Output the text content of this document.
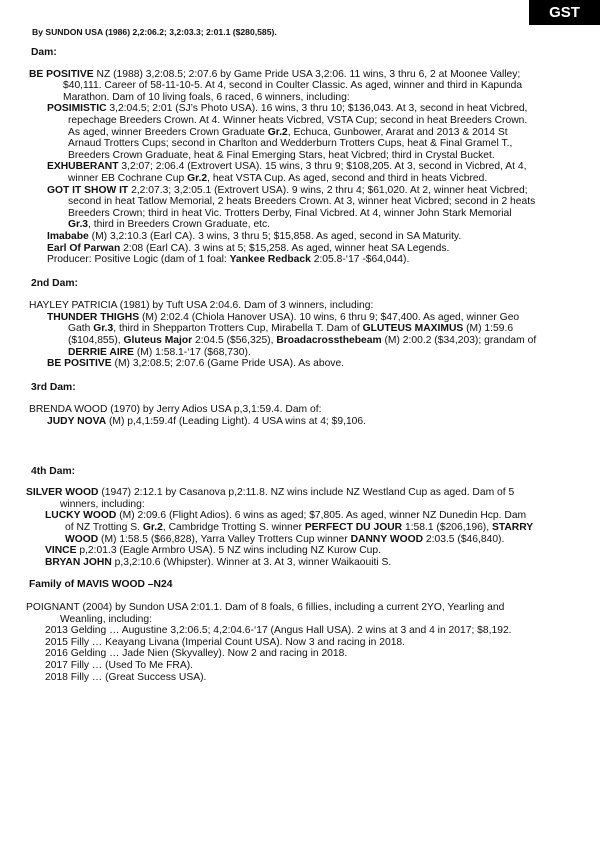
GST
By SUNDON USA (1986) 2,2:06.2; 3,2:03.3; 2:01.1 ($280,585).
Dam:
BE POSITIVE NZ (1988) 3,2:08.5; 2:07.6 by Game Pride USA 3,2:06. 11 wins, 3 thru 6, 2 at Moonee Valley; $40,111. Career of 58-11-10-5. At 4, second in Coulter Classic. As aged, winner and third in Kapunda Marathon. Dam of 10 living foals, 6 raced, 6 winners, including:
POSIMISTIC 3,2:04.5; 2:01 (SJ’s Photo USA). 16 wins, 3 thru 10; $136,043. At 3, second in heat Vicbred, repechage Breeders Crown. At 4. Winner heats Vicbred, VSTA Cup; second in heat Breeders Crown. As aged, winner Breeders Crown Graduate Gr.2, Echuca, Gunbower, Ararat and 2013 & 2014 St Arnaud Trotters Cups; second in Charlton and Wedderburn Trotters Cups, heat & Final Gramel T., Breeders Crown Graduate, heat & Final Emerging Stars, heat Vicbred; third in Crystal Bucket.
EXHUBERANT 3,2:07; 2:06.4 (Extrovert USA). 15 wins, 3 thru 9; $108,205. At 3, second in Vicbred, At 4, winner EB Cochrane Cup Gr.2, heat VSTA Cup. As aged, second and third in heats Vicbred.
GOT IT SHOW IT 2,2:07.3; 3,2:05.1 (Extrovert USA). 9 wins, 2 thru 4; $61,020. At 2, winner heat Vicbred; second in heat Tatlow Memorial, 2 heats Breeders Crown. At 3, winner heat Vicbred; second in 2 heats Breeders Crown; third in heat Vic. Trotters Derby, Final Vicbred. At 4, winner John Stark Memorial Gr.3, third in Breeders Crown Graduate, etc.
Imababe (M) 3,2:10.3 (Earl CA). 3 wins, 3 thru 5; $15,858. As aged, second in SA Maturity.
Earl Of Parwan 2:08 (Earl CA). 3 wins at 5; $15,258. As aged, winner heat SA Legends.
Producer: Positive Logic (dam of 1 foal: Yankee Redback 2:05.8-‘17 -$64,044).
2nd Dam:
HAYLEY PATRICIA (1981) by Tuft USA 2:04.6. Dam of 3 winners, including:
THUNDER THIGHS (M) 2:02.4 (Chiola Hanover USA). 10 wins, 6 thru 9; $47,400. As aged, winner Geo Gath Gr.3, third in Shepparton Trotters Cup, Mirabella T. Dam of GLUTEUS MAXIMUS (M) 1:59.6 ($104,855), Gluteus Major 2:04.5 ($56,325), Broadacrossthebeam (M) 2:00.2 ($34,203); grandam of DERRIE AIRE (M) 1:58.1-‘17 ($68,730).
BE POSITIVE (M) 3,2:08.5; 2:07.6 (Game Pride USA). As above.
3rd Dam:
BRENDA WOOD (1970) by Jerry Adios USA p,3,1:59.4. Dam of:
JUDY NOVA (M) p,4,1:59.4f (Leading Light). 4 USA wins at 4; $9,106.
4th Dam:
SILVER WOOD (1947) 2:12.1 by Casanova p,2:11.8. NZ wins include NZ Westland Cup as aged. Dam of 5 winners, including:
LUCKY WOOD (M) 2:09.6 (Flight Adios). 6 wins as aged; $7,805. As aged, winner NZ Dunedin Hcp. Dam of NZ Trotting S. Gr.2, Cambridge Trotting S. winner PERFECT DU JOUR 1:58.1 ($206,196), STARRY WOOD (M) 1:58.5 ($66,828), Yarra Valley Trotters Cup winner DANNY WOOD 2:03.5 ($46,840).
VINCE p,2:01.3 (Eagle Armbro USA). 5 NZ wins including NZ Kurow Cup.
BRYAN JOHN p,3,2:10.6 (Whipster). Winner at 3. At 3, winner Waikaouiti S.
Family of MAVIS WOOD –N24
POIGNANT (2004) by Sundon USA 2:01.1. Dam of 8 foals, 6 fillies, including a current 2YO, Yearling and Weanling, including:
2013 Gelding … Augustine 3,2:06.5; 4,2:04.6-‘17 (Angus Hall USA). 2 wins at 3 and 4 in 2017; $8,192.
2015 Filly … Keayang Livana (Imperial Count USA). Now 3 and racing in 2018.
2016 Gelding … Jade Nien (Skyvalley). Now 2 and racing in 2018.
2017 Filly … (Used To Me FRA).
2018 Filly … (Great Success USA).
